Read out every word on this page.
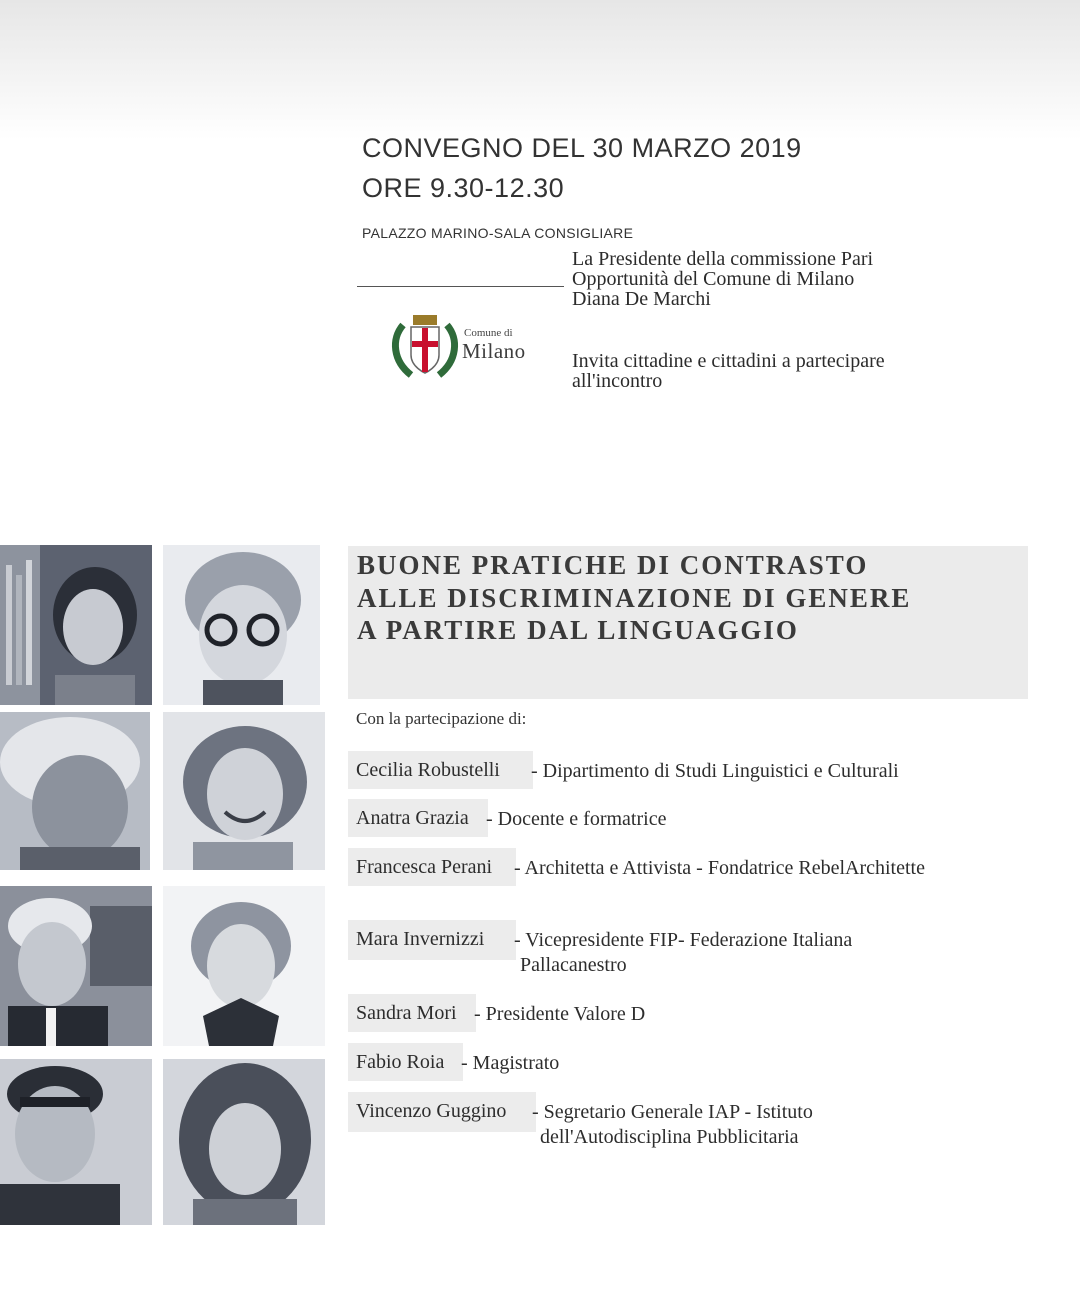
CONVEGNO DEL 30 MARZO 2019
ORE 9.30-12.30
PALAZZO MARINO-SALA CONSIGLIARE
La Presidente della commissione Pari
Opportunità del Comune di Milano
Diana De Marchi
Comune di
Milano Invita cittadine e cittadini a partecipare
all'incontro
BUONE PRATICHE DI CONTRASTO
ALLE DISCRIMINAZIONE DI GENERE
A PARTIRE DAL LINGUAGGIO
Con la partecipazione di:
Cecilia Robustelli - Dipartimento di Studi Linguistici e Culturali
Anatra Grazia - Docente e formatrice
Francesca Perani - Architetta e Attivista - Fondatrice RebelArchitette
Mara Invernizzi - Vicepresidente FIP- Federazione Italiana
Pallacanestro
Sandra Mori - Presidente Valore D
Fabio Roia - Magistrato
Vincenzo Guggino - Segretario Generale IAP - Istituto
dell'Autodisciplina Pubblicitaria
